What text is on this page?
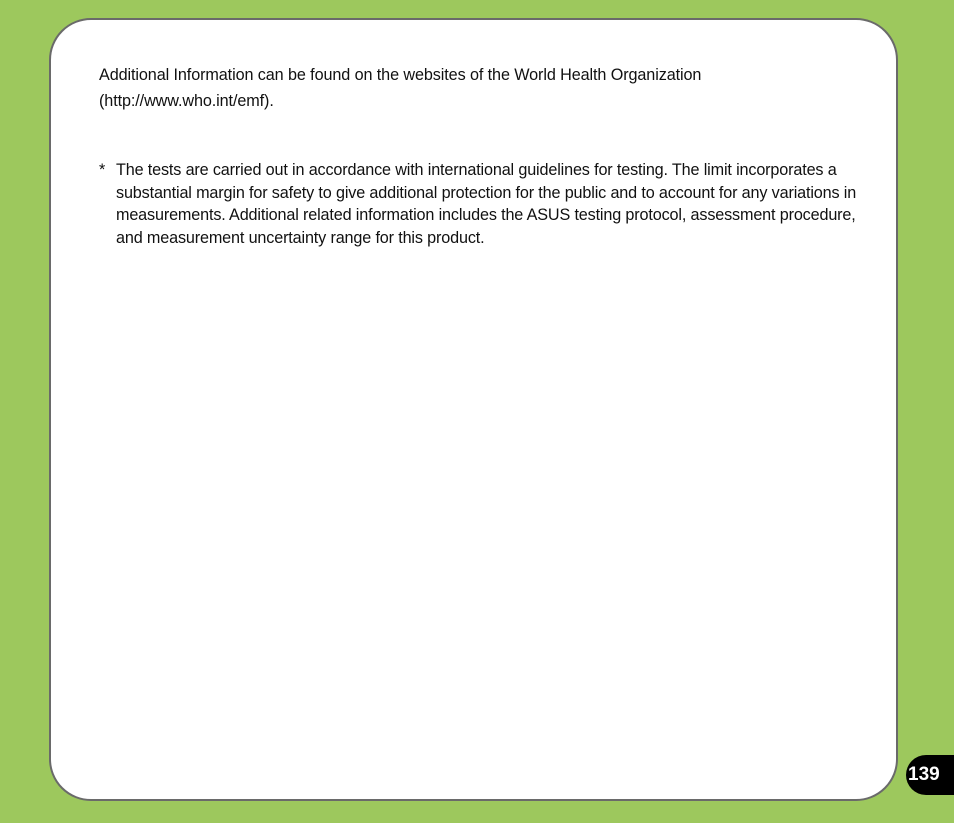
Additional Information can be found on the websites of the World Health Organization
(http://www.who.int/emf).

* The tests are carried out in accordance with international guidelines for testing. The limit incorporates a substantial margin for safety to give additional protection for the public and to account for any variations in measurements. Additional related information includes the ASUS testing protocol, assessment procedure, and measurement uncertainty range for this product.

139
